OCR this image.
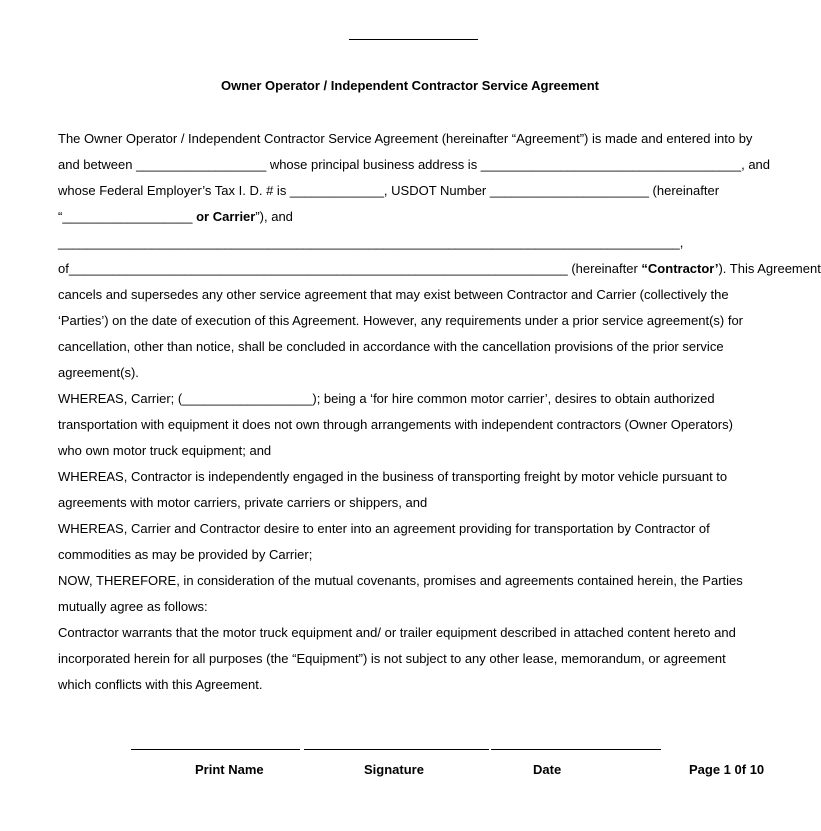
Owner Operator / Independent Contractor Service Agreement
The Owner Operator / Independent Contractor Service Agreement (hereinafter “Agreement”) is made and entered into by
and between __________________ whose principal business address is ____________________________________, and
whose Federal Employer’s Tax I. D. # is _____________, USDOT Number ______________________ (hereinafter
“__________________ or Carrier”), and
______________________________________________________________________________________,
of_____________________________________________________________________ (hereinafter “Contractor’). This Agreement
cancels and supersedes any other service agreement that may exist between Contractor and Carrier (collectively the
‘Parties’) on the date of execution of this Agreement. However, any requirements under a prior service agreement(s) for
cancellation, other than notice, shall be concluded in accordance with the cancellation provisions of the prior service
agreement(s).
WHEREAS, Carrier; (__________________); being a ‘for hire common motor carrier’, desires to obtain authorized
transportation with equipment it does not own through arrangements with independent contractors (Owner Operators)
who own motor truck equipment; and
WHEREAS, Contractor is independently engaged in the business of transporting freight by motor vehicle pursuant to
agreements with motor carriers, private carriers or shippers, and
WHEREAS, Carrier and Contractor desire to enter into an agreement providing for transportation by Contractor of
commodities as may be provided by Carrier;
NOW, THEREFORE, in consideration of the mutual covenants, promises and agreements contained herein, the Parties
mutually agree as follows:
Contractor warrants that the motor truck equipment and/ or trailer equipment described in attached content hereto and
incorporated herein for all purposes (the “Equipment”) is not subject to any other lease, memorandum, or agreement
which conflicts with this Agreement.
Print Name	Signature	Date	Page 1 0f 10
